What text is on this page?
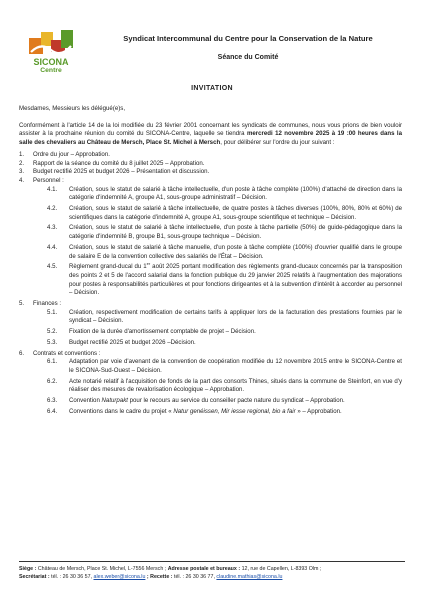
SICONA
Centre
Syndicat Intercommunal du Centre pour la Conservation de la Nature
Séance du Comité
INVITATION

Mesdames, Messieurs les délégué(e)s,

Conformément à l'article 14 de la loi modifiée du 23 février 2001 concernant les syndicats de communes, nous vous prions de bien vouloir assister à la prochaine réunion du comité du SICONA-Centre, laquelle se tiendra mercredi 12 novembre 2025 à 19 :00 heures dans la salle des chevaliers au Château de Mersch, Place St. Michel à Mersch, pour délibérer sur l'ordre du jour suivant :

1. Ordre du jour – Approbation.
2. Rapport de la séance du comité du 8 juillet 2025 – Approbation.
3. Budget rectifié 2025 et budget 2026 – Présentation et discussion.
4. Personnel :
4.1. Création, sous le statut de salarié à tâche intellectuelle, d'un poste à tâche complète (100%) d'attaché de direction dans la catégorie d'indemnité A, groupe A1, sous-groupe administratif – Décision.
4.2. Création, sous le statut de salarié à tâche intellectuelle, de quatre postes à tâches diverses (100%, 80%, 80% et 60%) de scientifiques dans la catégorie d'indemnité A, groupe A1, sous-groupe scientifique et technique – Décision.
4.3. Création, sous le statut de salarié à tâche intellectuelle, d'un poste à tâche partielle (50%) de guide-pédagogique dans la catégorie d'indemnité B, groupe B1, sous-groupe technique – Décision.
4.4. Création, sous le statut de salarié à tâche manuelle, d'un poste à tâche complète (100%) d'ouvrier qualifié dans le groupe de salaire E de la convention collective des salariés de l'État – Décision.
4.5. Règlement grand-ducal du 1er août 2025 portant modification des règlements grand-ducaux concernés par la transposition des points 2 et 5 de l'accord salarial dans la fonction publique du 29 janvier 2025 relatifs à l'augmentation des majorations pour postes à responsabilités particulières et pour fonctions dirigeantes et à la subvention d'intérêt à accorder au personnel – Décision.
5. Finances :
5.1. Création, respectivement modification de certains tarifs à appliquer lors de la facturation des prestations fournies par le syndicat – Décision.
5.2. Fixation de la durée d'amortissement comptable de projet – Décision.
5.3. Budget rectifié 2025 et budget 2026 –Décision.
6. Contrats et conventions :
6.1. Adaptation par voie d'avenant de la convention de coopération modifiée du 12 novembre 2015 entre le SICONA-Centre et le SICONA-Sud-Ouest – Décision.
6.2. Acte notarié relatif à l'acquisition de fonds de la part des consorts Thines, situés dans la commune de Steinfort, en vue d'y réaliser des mesures de revalorisation écologique – Approbation.
6.3. Convention Naturpakt pour le recours au service du conseiller pacte nature du syndicat – Approbation.
6.4. Conventions dans le cadre du projet « Natur genéissen, Mir iesse regional, bio a fair » – Approbation.
Siège : Château de Mersch, Place St. Michel, L-7556 Mersch ; Adresse postale et bureaux : 12, rue de Capellen, L-8393 Olm ;
Secrétariat : tél. : 26 30 36 57, alex.weber@sicona.lu ; Recette : tél. : 26 30 36 77, claudine.mathias@sicona.lu
